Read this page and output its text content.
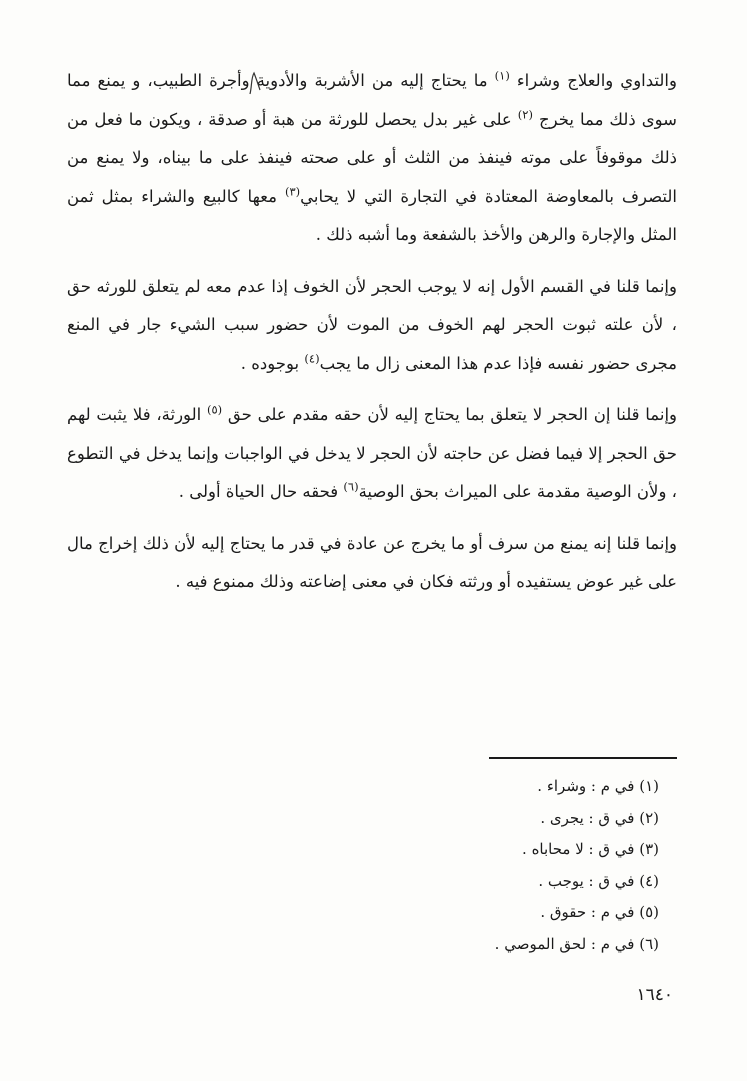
والتداوي والعلاج وشراء $^{(١)}$ ما يحتاج إليه من الأشربة والأدوية وأجرة الطبيب، و يمنع مما سوى ذلك مما يخرج $^{(٢)}$ على غير بدل يحصل للورثة من هبة أو صدقة ، ويكون ما فعل من ذلك موقوفاً على موته فينفذ من الثلث أو على صحته فينفذ على ما بيناه، ولا يمنع من التصرف بالمعاوضة المعتادة في التجارة التي لا يحابي$^{(٣)}$ معها كالبيع والشراء بمثل ثمن المثل والإجارة والرهن والأخذ بالشفعة وما أشبه ذلك .

وإنما قلنا في القسم الأول إنه لا يوجب الحجر لأن الخوف إذا عدم معه لم يتعلق للورثه حق ، لأن علته ثبوت الحجر لهم الخوف من الموت لأن حضور سبب الشيء جار في المنع مجرى حضور نفسه فإذا عدم هذا المعنى زال ما يجب$^{(٤)}$ بوجوده .

وإنما قلنا إن الحجر لا يتعلق بما يحتاج إليه لأن حقه مقدم على حق $^{(٥)}$ الورثة، فلا يثبت لهم حق الحجر إلا فيما فضل عن حاجته لأن الحجر لا يدخل في الواجبات وإنما يدخل في التطوع ، ولأن الوصية مقدمة على الميراث بحق الوصية$^{(٦)}$ فحقه حال الحياة أولى .

وإنما قلنا إنه يمنع من سرف أو ما يخرج عن عادة في قدر ما يحتاج إليه لأن ذلك إخراج مال على غير عوض يستفيده أو ورثته فكان في معنى إضاعته وذلك ممنوع فيه .

(١) في م : وشراء .
(٢) في ق : يجرى .
(٣) في ق : لا محاباه .
(٤) في ق : يوجب .
(٥) في م : حقوق .
(٦) في م : لحق الموصي .
١٦٤٠
